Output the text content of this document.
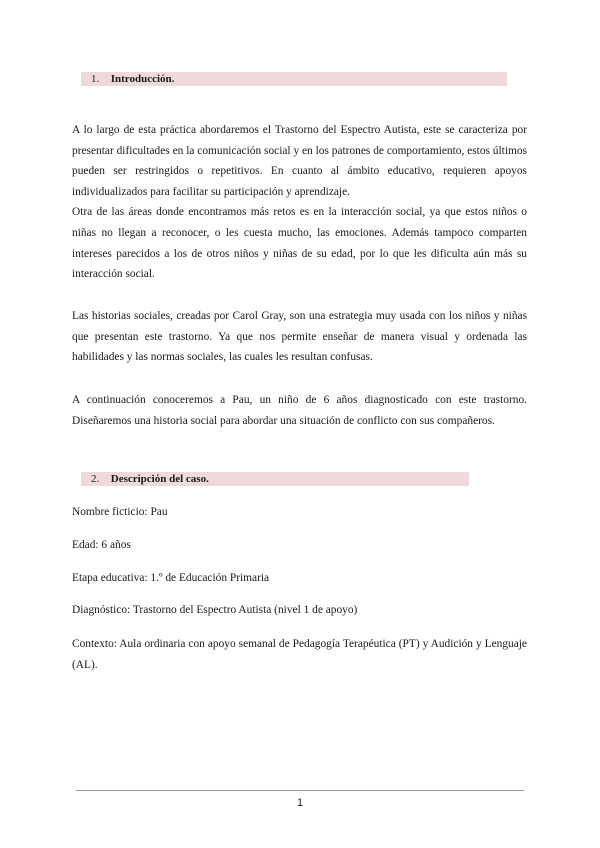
1. Introducción.

A lo largo de esta práctica abordaremos el Trastorno del Espectro Autista, este se caracteriza por presentar dificultades en la comunicación social y en los patrones de comportamiento, estos últimos pueden ser restringidos o repetitivos. En cuanto al ámbito educativo, requieren apoyos individualizados para facilitar su participación y aprendizaje.

Otra de las áreas donde encontramos más retos es en la interacción social, ya que estos niños o niñas no llegan a reconocer, o les cuesta mucho, las emociones. Además tampoco comparten intereses parecidos a los de otros niños y niñas de su edad, por lo que les dificulta aún más su interacción social.

Las historias sociales, creadas por Carol Gray, son una estrategia muy usada con los niños y niñas que presentan este trastorno. Ya que nos permite enseñar de manera visual y ordenada las habilidades y las normas sociales, las cuales les resultan confusas.

A continuación conoceremos a Pau, un niño de 6 años diagnosticado con este trastorno. Diseñaremos una historia social para abordar una situación de conflicto con sus compañeros.

2. Descripción del caso.

Nombre ficticio: Pau

Edad: 6 años

Etapa educativa: 1.º de Educación Primaria

Diagnóstico: Trastorno del Espectro Autista (nivel 1 de apoyo)

Contexto: Aula ordinaria con apoyo semanal de Pedagogía Terapéutica (PT) y Audición y Lenguaje (AL).

1
